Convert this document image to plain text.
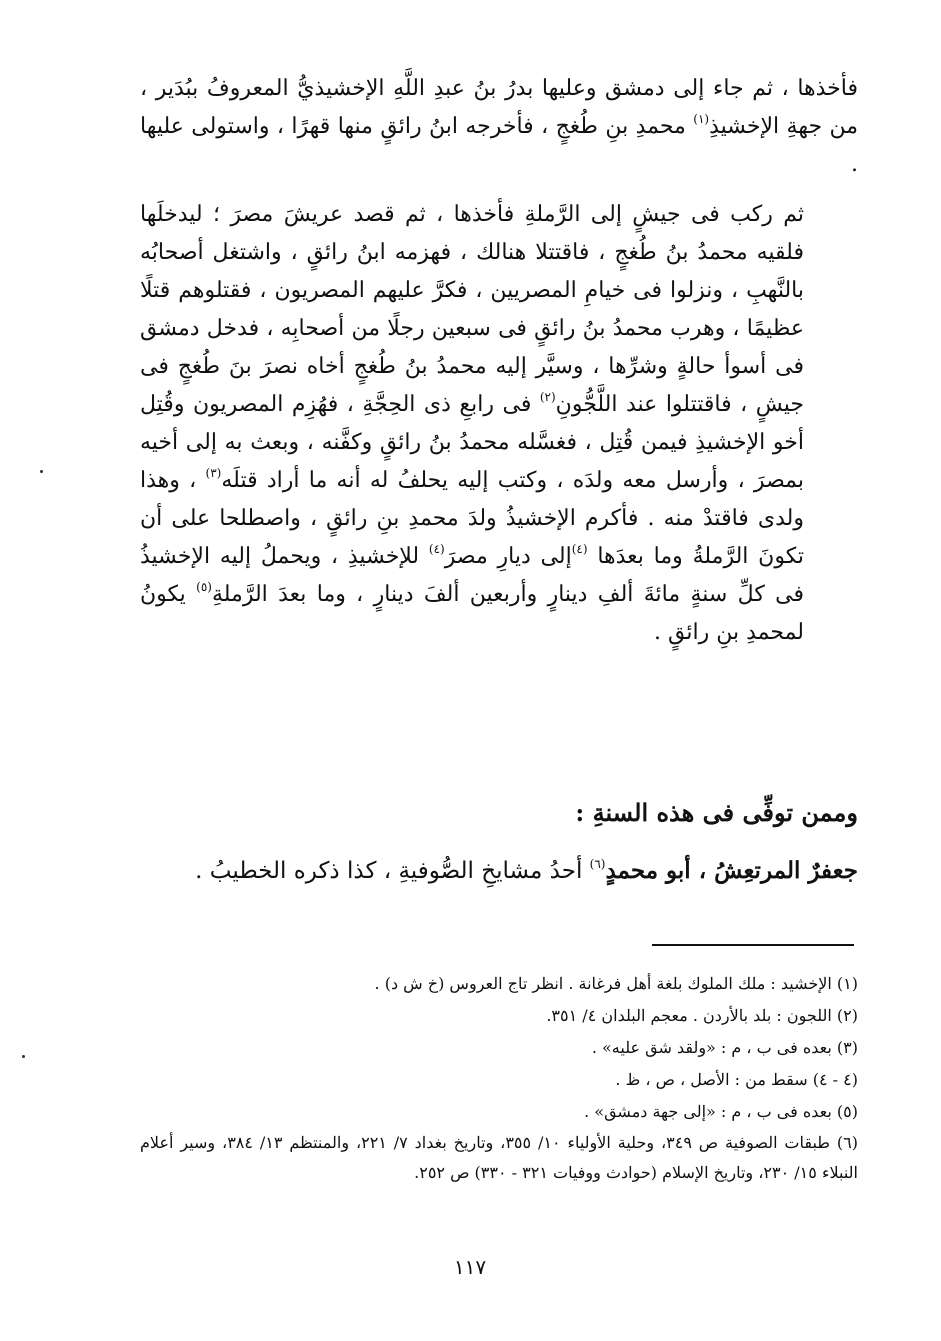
فأخذها ، ثم جاء إلى دمشق وعليها بدرُ بنُ عبدِ اللَّهِ الإخشيذيُّ المعروفُ ببُدَير ، من جهةِ الإخشيذِ$^{(١)}$ محمدِ بنِ طُغجٍ ، فأخرجه ابنُ رائقٍ منها قهرًا ، واستولى عليها .

ثم ركب فى جيشٍ إلى الرَّملةِ فأخذها ، ثم قصد عريشَ مصرَ ؛ ليدخلَها فلقيه محمدُ بنُ طُغجٍ ، فاقتتلا هنالك ، فهزمه ابنُ رائقٍ ، واشتغل أصحابُه بالنَّهبِ ، ونزلوا فى خيامِ المصريين ، فكرَّ عليهم المصريون ، فقتلوهم قتلًا عظيمًا ، وهرب محمدُ بنُ رائقٍ فى سبعين رجلًا من أصحابِه ، فدخل دمشق فى أسوأ حالةٍ وشرِّها ، وسيَّر إليه محمدُ بنُ طُغجٍ أخاه نصرَ بنَ طُغجٍ فى جيشٍ ، فاقتتلوا عند اللَّجُّونِ$^{(٢)}$ فى رابعِ ذى الحِجَّةِ ، فهُزِم المصريون وقُتِل أخو الإخشيذِ فيمن قُتِل ، فغسَّله محمدُ بنُ رائقٍ وكفَّنه ، وبعث به إلى أخيه بمصرَ ، وأرسل معه ولدَه ، وكتب إليه يحلفُ له أنه ما أراد قتلَه$^{(٣)}$ ، وهذا ولدى فاقتدْ منه . فأكرم الإخشيذُ ولدَ محمدِ بنِ رائقٍ ، واصطلحا على أن تكونَ الرَّملةُ وما بعدَها $^{(٤)}$إلى ديارِ مصرَ$^{(٤)}$ للإخشيذِ ، ويحملُ إليه الإخشيذُ فى كلِّ سنةٍ مائةَ ألفِ دينارٍ وأربعين ألفَ دينارٍ ، وما بعدَ الرَّملةِ$^{(٥)}$ يكونُ لمحمدِ بنِ رائقٍ .

وممن توفِّى فى هذه السنةِ :
جعفرٌ المرتعِشُ ، أبو محمدٍ$^{(٦)}$ أحدُ مشايخِ الصُّوفيةِ ، كذا ذكره الخطيبُ .
(١) الإخشيد : ملك الملوك بلغة أهل فرغانة . انظر تاج العروس (خ ش د) .
(٢) اللجون : بلد بالأردن . معجم البلدان ٤/ ٣٥١.
(٣) بعده فى ب ، م : «ولقد شق عليه» .
(٤ - ٤) سقط من : الأصل ، ص ، ظ .
(٥) بعده فى ب ، م : «إلى جهة دمشق» .
(٦) طبقات الصوفية ص ٣٤٩، وحلية الأولياء ١٠/ ٣٥٥، وتاريخ بغداد ٧/ ٢٢١، والمنتظم ١٣/ ٣٨٤، وسير أعلام النبلاء ١٥/ ٢٣٠، وتاريخ الإسلام (حوادث ووفيات ٣٢١ - ٣٣٠) ص ٢٥٢.
١١٧
